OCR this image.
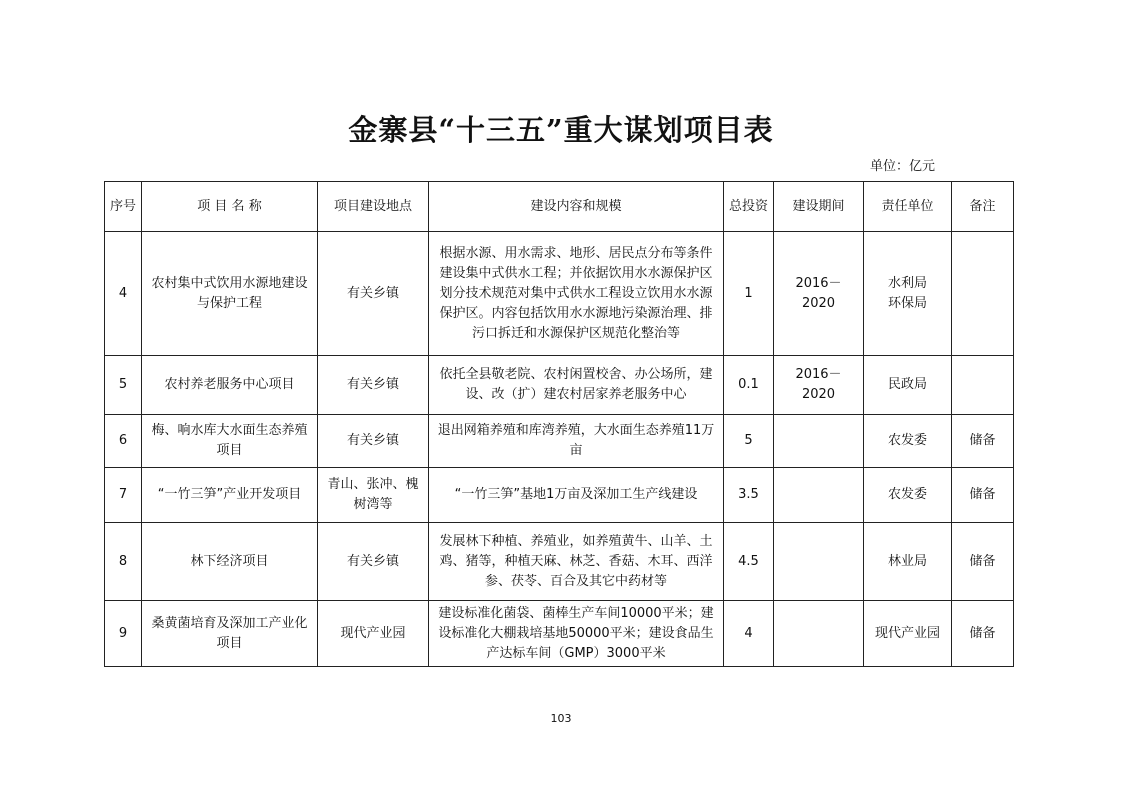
金寨县“十三五”重大谋划项目表
单位：亿元
序号	项 目 名 称	项目建设地点	建设内容和规模	总投资	建设期间	责任单位	备注
4	农村集中式饮用水源地建设与保护工程	有关乡镇	根据水源、用水需求、地形、居民点分布等条件建设集中式供水工程；并依据饮用水水源保护区划分技术规范对集中式供水工程设立饮用水水源保护区。内容包括饮用水水源地污染源治理、排污口拆迁和水源保护区规范化整治等	1	2016－2020	水利局 环保局	
5	农村养老服务中心项目	有关乡镇	依托全县敬老院、农村闲置校舍、办公场所，建设、改（扩）建农村居家养老服务中心	0.1	2016－2020	民政局	
6	梅、响水库大水面生态养殖项目	有关乡镇	退出网箱养殖和库湾养殖，大水面生态养殖11万亩	5		农发委	储备
7	“一竹三笋”产业开发项目	青山、张冲、槐树湾等	“一竹三笋”基地1万亩及深加工生产线建设	3.5		农发委	储备
8	林下经济项目	有关乡镇	发展林下种植、养殖业，如养殖黄牛、山羊、土鸡、猪等，种植天麻、林芝、香菇、木耳、西洋参、茯苓、百合及其它中药材等	4.5		林业局	储备
9	桑黄菌培育及深加工产业化项目	现代产业园	建设标准化菌袋、菌棒生产车间10000平米；建设标准化大棚栽培基地50000平米；建设食品生产达标车间（GMP）3000平米	4		现代产业园	储备
103
